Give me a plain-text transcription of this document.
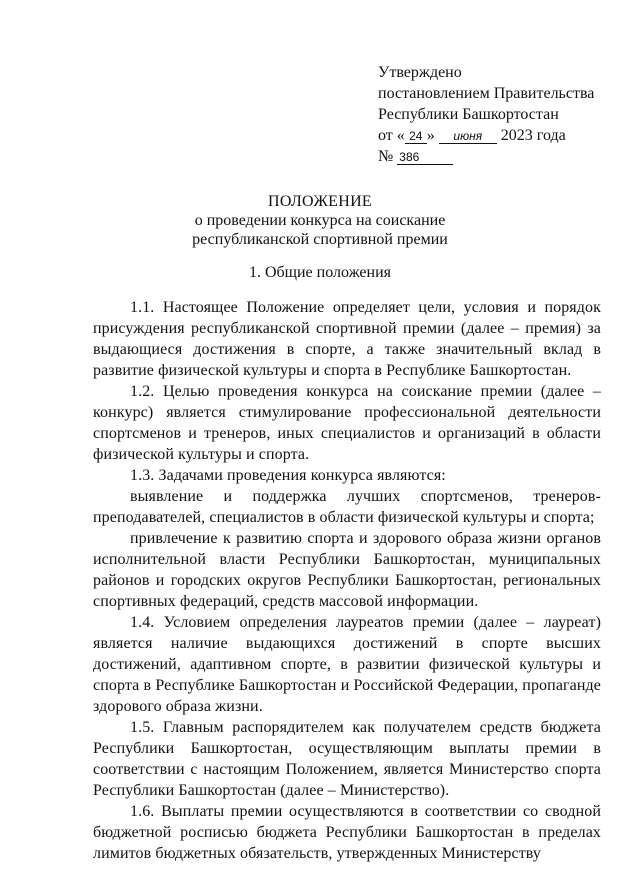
Утверждено
постановлением Правительства
Республики Башкортостан
от « 24 » июня 2023 года
№ 386
ПОЛОЖЕНИЕ
о проведении конкурса на соискание
республиканской спортивной премии
1. Общие положения

1.1. Настоящее Положение определяет цели, условия и порядок присуждения республиканской спортивной премии (далее – премия) за выдающиеся достижения в спорте, а также значительный вклад в развитие физической культуры и спорта в Республике Башкортостан.

1.2. Целью проведения конкурса на соискание премии (далее – конкурс) является стимулирование профессиональной деятельности спортсменов и тренеров, иных специалистов и организаций в области физической культуры и спорта.

1.3. Задачами проведения конкурса являются:

выявление и поддержка лучших спортсменов, тренеров-преподавателей, специалистов в области физической культуры и спорта;

привлечение к развитию спорта и здорового образа жизни органов исполнительной власти Республики Башкортостан, муниципальных районов и городских округов Республики Башкортостан, региональных спортивных федераций, средств массовой информации.

1.4. Условием определения лауреатов премии (далее – лауреат) является наличие выдающихся достижений в спорте высших достижений, адаптивном спорте, в развитии физической культуры и спорта в Республике Башкортостан и Российской Федерации, пропаганде здорового образа жизни.

1.5. Главным распорядителем как получателем средств бюджета Республики Башкортостан, осуществляющим выплаты премии в соответствии с настоящим Положением, является Министерство спорта Республики Башкортостан (далее – Министерство).

1.6. Выплаты премии осуществляются в соответствии со сводной бюджетной росписью бюджета Республики Башкортостан в пределах лимитов бюджетных обязательств, утвержденных Министерству
